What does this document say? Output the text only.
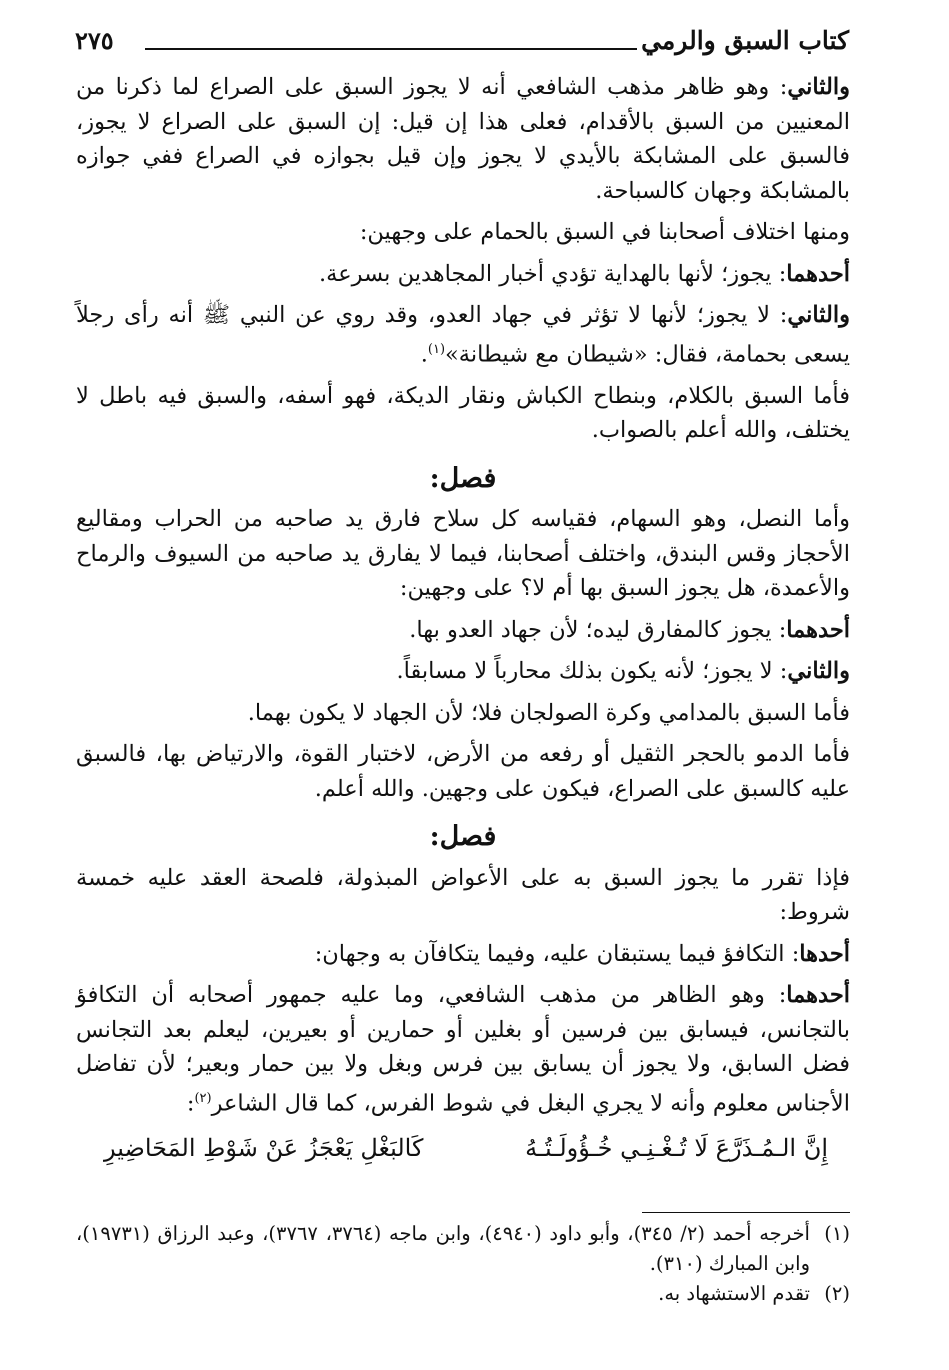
كتاب السبق والرمي
٢٧٥

والثاني: وهو ظاهر مذهب الشافعي أنه لا يجوز السبق على الصراع لما ذكرنا من المعنيين من السبق بالأقدام، فعلى هذا إن قيل: إن السبق على الصراع لا يجوز، فالسبق على المشابكة بالأيدي لا يجوز وإن قيل بجوازه في الصراع ففي جوازه بالمشابكة وجهان كالسباحة.

ومنها اختلاف أصحابنا في السبق بالحمام على وجهين:

أحدهما: يجوز؛ لأنها بالهداية تؤدي أخبار المجاهدين بسرعة.

والثاني: لا يجوز؛ لأنها لا تؤثر في جهاد العدو، وقد روي عن النبي ﷺ أنه رأى رجلاً يسعى بحمامة، فقال: «شيطان مع شيطانة»$^{(١)}$.

فأما السبق بالكلام، وبنطاح الكباش ونقار الديكة، فهو أسفه، والسبق فيه باطل لا يختلف، والله أعلم بالصواب.

فصل:

وأما النصل، وهو السهام، فقياسه كل سلاح فارق يد صاحبه من الحراب ومقاليع الأحجاز وقس البندق، واختلف أصحابنا، فيما لا يفارق يد صاحبه من السيوف والرماح والأعمدة، هل يجوز السبق بها أم لا؟ على وجهين:

أحدهما: يجوز كالمفارق ليده؛ لأن جهاد العدو بها.

والثاني: لا يجوز؛ لأنه يكون بذلك محارباً لا مسابقاً.

فأما السبق بالمدامي وكرة الصولجان فلا؛ لأن الجهاد لا يكون بهما.

فأما الدمو بالحجر الثقيل أو رفعه من الأرض، لاختبار القوة، والارتياض بها، فالسبق عليه كالسبق على الصراع، فيكون على وجهين. والله أعلم.

فصل:

فإذا تقرر ما يجوز السبق به على الأعواض المبذولة، فلصحة العقد عليه خمسة شروط:

أحدها: التكافؤ فيما يستبقان عليه، وفيما يتكافآن به وجهان:

أحدهما: وهو الظاهر من مذهب الشافعي، وما عليه جمهور أصحابه أن التكافؤ بالتجانس، فيسابق بين فرسين أو بغلين أو حمارين أو بعيرين، ليعلم بعد التجانس فضل السابق، ولا يجوز أن يسابق بين فرس وبغل ولا بين حمار وبعير؛ لأن تفاضل الأجناس معلوم وأنه لا يجري البغل في شوط الفرس، كما قال الشاعر$^{(٢)}$:

إِنَّ الـمُـذَرَّعَ لَا تُـغْـنِـي خُـؤُولَـتُـهُ
كَالبَغْلِ يَعْجَزُ عَنْ شَوْطِ المَحَاضِيرِ
(١)
أخرجه أحمد (٢/ ٣٤٥)، وأبو داود (٤٩٤٠)، وابن ماجه (٣٧٦٤، ٣٧٦٧)، وعبد الرزاق (١٩٧٣١)، وابن المبارك (٣١٠).
(٢)
تقدم الاستشهاد به.
